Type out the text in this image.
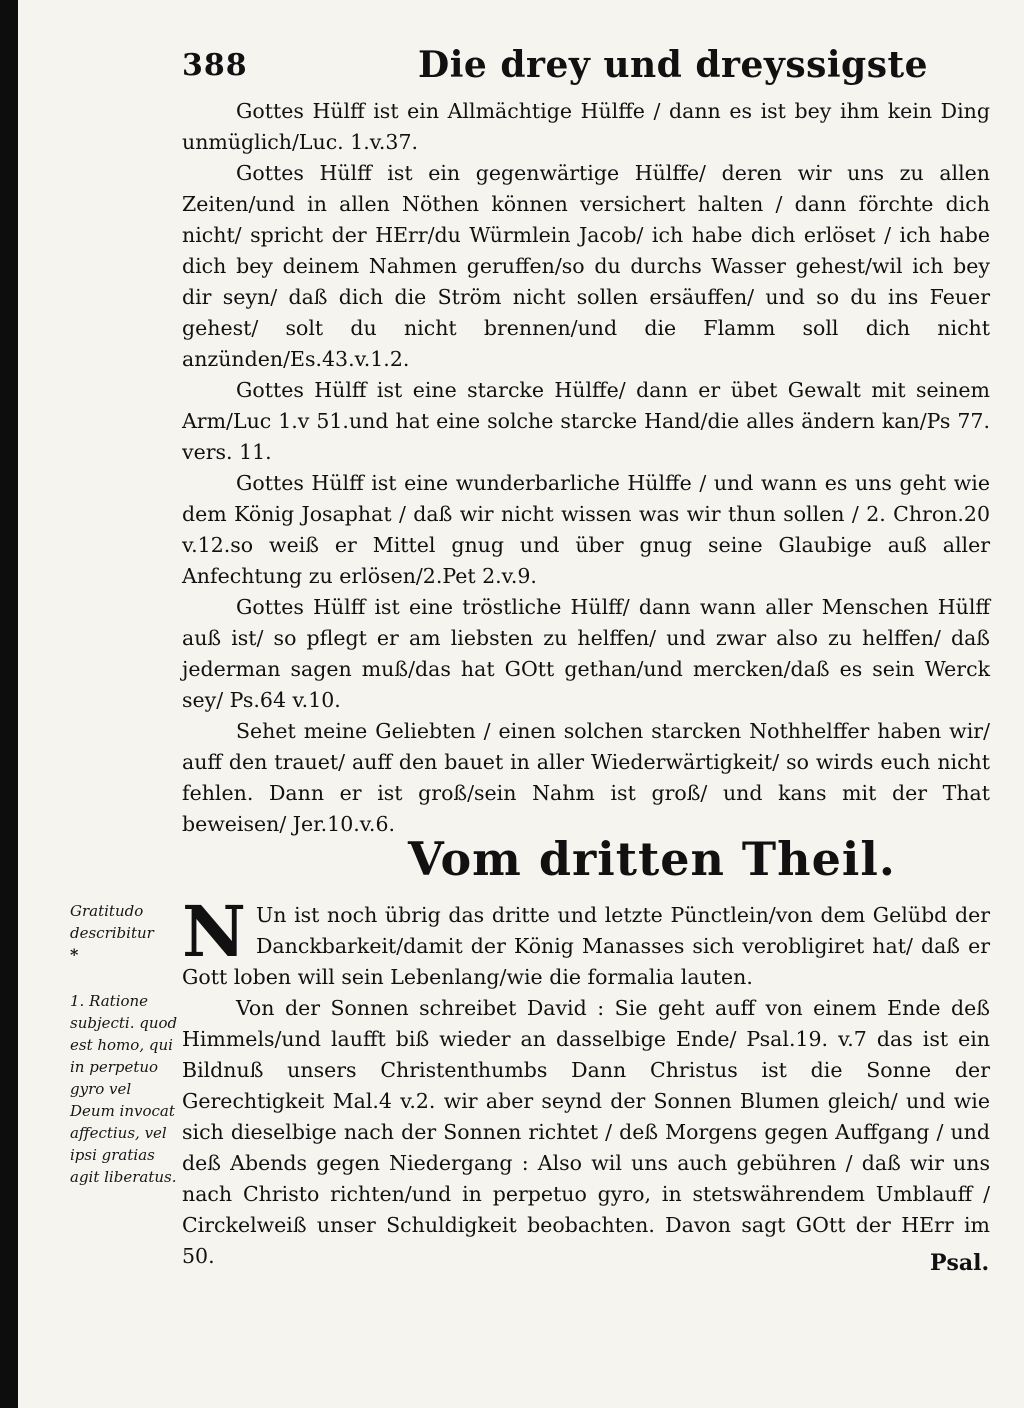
388	Die drey und dreyssigste

Gottes Hülff ist ein Allmächtige Hülffe / dann es ist bey ihm kein Ding unmüglich/Luc. 1.v.37.

Gottes Hülff ist ein gegenwärtige Hülffe/ deren wir uns zu allen Zeiten/und in allen Nöthen können versichert halten / dann förchte dich nicht/ spricht der HErr/du Würmlein Jacob/ ich habe dich erlöset / ich habe dich bey deinem Nahmen geruffen/so du durchs Wasser gehest/wil ich bey dir seyn/ daß dich die Ström nicht sollen ersäuffen/ und so du ins Feuer gehest/ solt du nicht brennen/und die Flamm soll dich nicht anzünden/Es.43.v.1.2.

Gottes Hülff ist eine starcke Hülffe/ dann er übet Gewalt mit seinem Arm/Luc 1.v 51.und hat eine solche starcke Hand/die alles ändern kan/Ps 77. vers. 11.

Gottes Hülff ist eine wunderbarliche Hülffe / und wann es uns geht wie dem König Josaphat / daß wir nicht wissen was wir thun sollen / 2. Chron.20 v.12.so weiß er Mittel gnug und über gnug seine Glaubige auß aller Anfechtung zu erlösen/2.Pet 2.v.9.

Gottes Hülff ist eine tröstliche Hülff/ dann wann aller Menschen Hülff auß ist/ so pflegt er am liebsten zu helffen/ und zwar also zu helffen/ daß jederman sagen muß/das hat GOtt gethan/und mercken/daß es sein Werck sey/ Ps.64 v.10.

Sehet meine Geliebten / einen solchen starcken Nothhelffer haben wir/ auff den trauet/ auff den bauet in aller Wiederwärtigkeit/ so wirds euch nicht fehlen. Dann er ist groß/sein Nahm ist groß/ und kans mit der That beweisen/ Jer.10.v.6.

Vom dritten Theil.
Gratitudo describitur
*
1. Ratione subjecti. quod est homo, qui in perpetuo gyro vel Deum invocat affectius, vel ipsi gratias agit liberatus.

N Un ist noch übrig das dritte und letzte Pünctlein/von dem Gelübd der Danckbarkeit/damit der König Manasses sich verobligiret hat/ daß er Gott loben will sein Lebenlang/wie die formalia lauten.

Von der Sonnen schreibet David : Sie geht auff von einem Ende deß Himmels/und laufft biß wieder an dasselbige Ende/ Psal.19. v.7 das ist ein Bildnuß unsers Christenthumbs Dann Christus ist die Sonne der Gerechtigkeit Mal.4 v.2. wir aber seynd der Sonnen Blumen gleich/ und wie sich dieselbige nach der Sonnen richtet / deß Morgens gegen Auffgang / und deß Abends gegen Niedergang : Also wil uns auch gebühren / daß wir uns nach Christo richten/und in perpetuo gyro, in stetswährendem Umblauff / Circkelweiß unser Schuldigkeit beobachten. Davon sagt GOtt der HErr im 50.	Psal.
